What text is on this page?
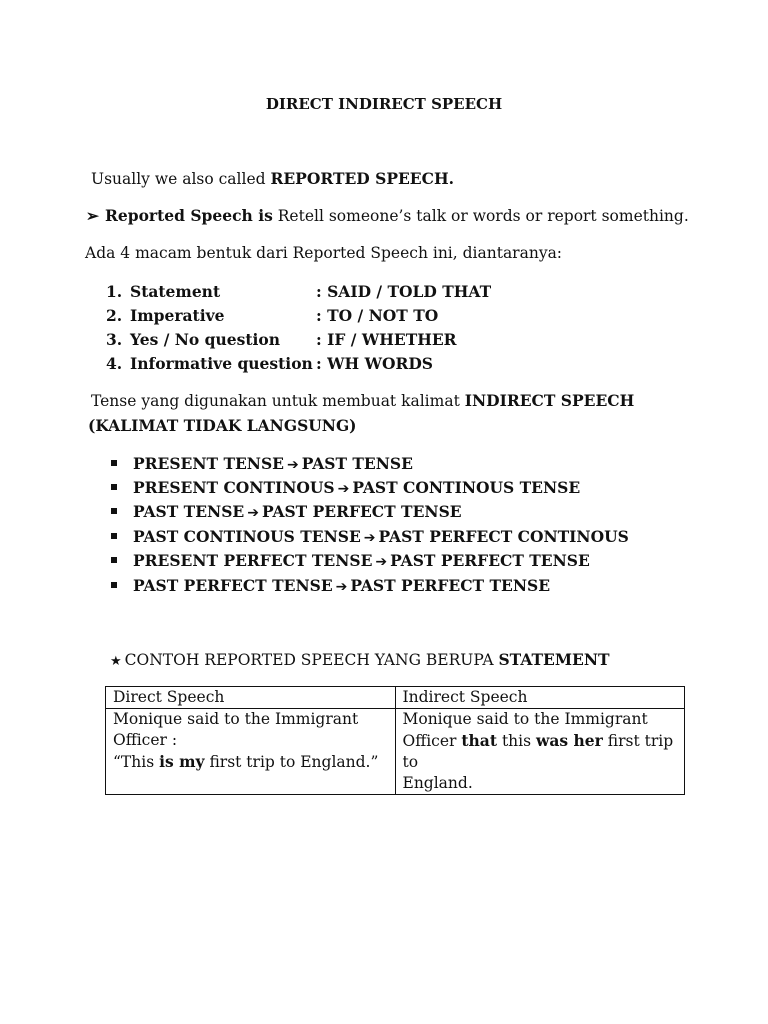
DIRECT INDIRECT SPEECH
Usually we also called REPORTED SPEECH.
➢ Reported Speech is Retell someone’s talk or words or report something.
Ada 4 macam bentuk dari Reported Speech ini, diantaranya:
1. Statement	: SAID / TOLD THAT
2. Imperative	: TO / NOT TO
3. Yes / No question : IF / WHETHER
4. Informative question : WH WORDS
Tense yang digunakan untuk membuat kalimat INDIRECT SPEECH
(KALIMAT TIDAK LANGSUNG)
PRESENT TENSE ➔ PAST TENSE
PRESENT CONTINOUS ➔ PAST CONTINOUS TENSE
PAST TENSE ➔ PAST PERFECT TENSE
PAST CONTINOUS TENSE ➔ PAST PERFECT CONTINOUS
PRESENT PERFECT TENSE ➔ PAST PERFECT TENSE
PAST PERFECT TENSE ➔ PAST PERFECT TENSE
★ CONTOH REPORTED SPEECH YANG BERUPA STATEMENT
Direct Speech	Indirect Speech
Monique said to the Immigrant
Officer :
“This is my first trip to England.”	Monique said to the Immigrant
Officer that this was her first trip to
England.
